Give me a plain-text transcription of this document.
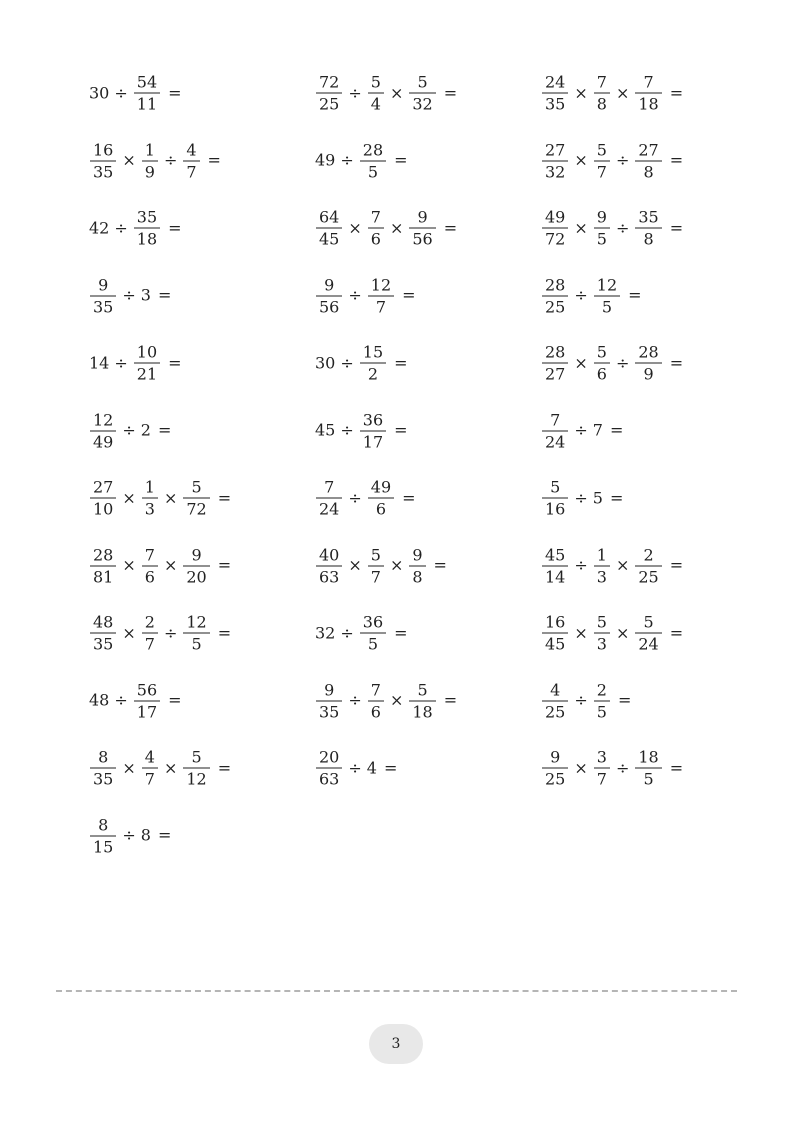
$30 \div \frac{54}{11}$ =	$\frac{72}{25} \div \frac{5}{4} \times \frac{5}{32}$ =	$\frac{24}{35} \times \frac{7}{8} \times \frac{7}{18}$ =
$\frac{16}{35} \times \frac{1}{9} \div \frac{4}{7}$ =	$49 \div \frac{28}{5}$ =	$\frac{27}{32} \times \frac{5}{7} \div \frac{27}{8}$ =
$42 \div \frac{35}{18}$ =	$\frac{64}{45} \times \frac{7}{6} \times \frac{9}{56}$ =	$\frac{49}{72} \times \frac{9}{5} \div \frac{35}{8}$ =
$\frac{9}{35} \div 3$ =	$\frac{9}{56} \div \frac{12}{7}$ =	$\frac{28}{25} \div \frac{12}{5}$ =
$14 \div \frac{10}{21}$ =	$30 \div \frac{15}{2}$ =	$\frac{28}{27} \times \frac{5}{6} \div \frac{28}{9}$ =
$\frac{12}{49} \div 2$ =	$45 \div \frac{36}{17}$ =	$\frac{7}{24} \div 7$ =
$\frac{27}{10} \times \frac{1}{3} \times \frac{5}{72}$ =	$\frac{7}{24} \div \frac{49}{6}$ =	$\frac{5}{16} \div 5$ =
$\frac{28}{81} \times \frac{7}{6} \times \frac{9}{20}$ =	$\frac{40}{63} \times \frac{5}{7} \times \frac{9}{8}$ =	$\frac{45}{14} \div \frac{1}{3} \times \frac{2}{25}$ =
$\frac{48}{35} \times \frac{2}{7} \div \frac{12}{5}$ =	$32 \div \frac{36}{5}$ =	$\frac{16}{45} \times \frac{5}{3} \times \frac{5}{24}$ =
$48 \div \frac{56}{17}$ =	$\frac{9}{35} \div \frac{7}{6} \times \frac{5}{18}$ =	$\frac{4}{25} \div \frac{2}{5}$ =
$\frac{8}{35} \times \frac{4}{7} \times \frac{5}{12}$ =	$\frac{20}{63} \div 4$ =	$\frac{9}{25} \times \frac{3}{7} \div \frac{18}{5}$ =
$\frac{8}{15} \div 8$ =
3
